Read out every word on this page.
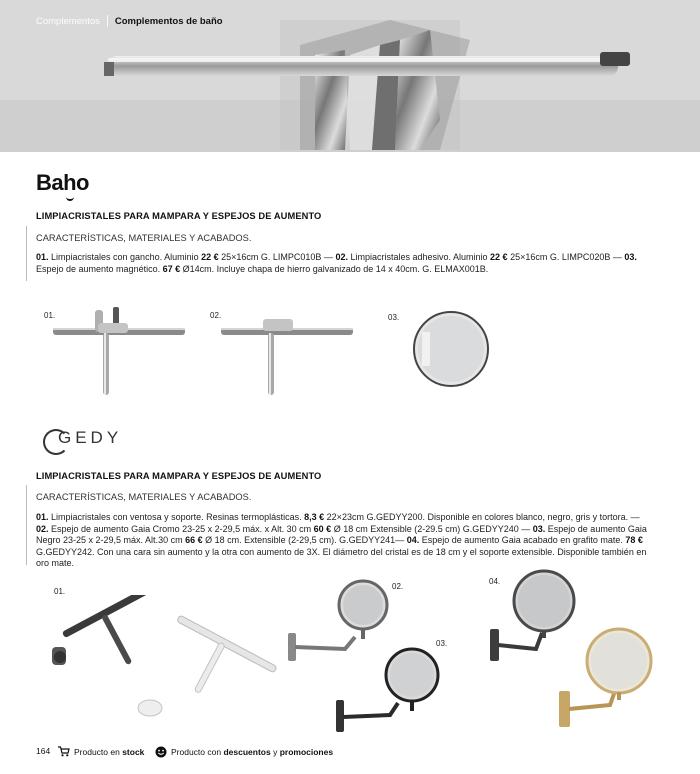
Complementos Complementos de baño
Baho
LIMPIACRISTALES PARA MAMPARA Y ESPEJOS DE AUMENTO
CARACTERÍSTICAS, MATERIALES Y ACABADOS.
01. Limpiacristales con gancho. Aluminio 22 € 25×16cm G. LIMPC010B — 02. Limpiacristales adhesivo. Aluminio 22 € 25×16cm G. LIMPC020B — 03. Espejo de aumento magnético. 67 € Ø14cm. Incluye chapa de hierro galvanizado de 14 x 40cm. G. ELMAX001B.
01.	02.	03.
GEDY
LIMPIACRISTALES PARA MAMPARA Y ESPEJOS DE AUMENTO
CARACTERÍSTICAS, MATERIALES Y ACABADOS.
01. Limpiacristales con ventosa y soporte. Resinas termoplásticas. 8,3 € 22×23cm G.GEDYY200. Disponible en colores blanco, negro, gris y tortora. — 02. Espejo de aumento Gaia Cromo 23-25 x 2-29,5 máx. x Alt. 30 cm 60 € Ø 18 cm Extensible (2-29.5 cm) G.GEDYY240 — 03. Espejo de aumento Gaia Negro 23-25 x 2-29,5 máx. Alt.30 cm 66 € Ø 18 cm. Extensible (2-29,5 cm). G.GEDYY241— 04. Espejo de aumento Gaia acabado en grafito mate. 78 € G.GEDYY242. Con una cara sin aumento y la otra con aumento de 3X. El diámetro del cristal es de 18 cm y el soporte extensible. Disponible también en oro mate.
01.
02.
03.
04.
164	Producto en stock	Producto con descuentos y promociones
